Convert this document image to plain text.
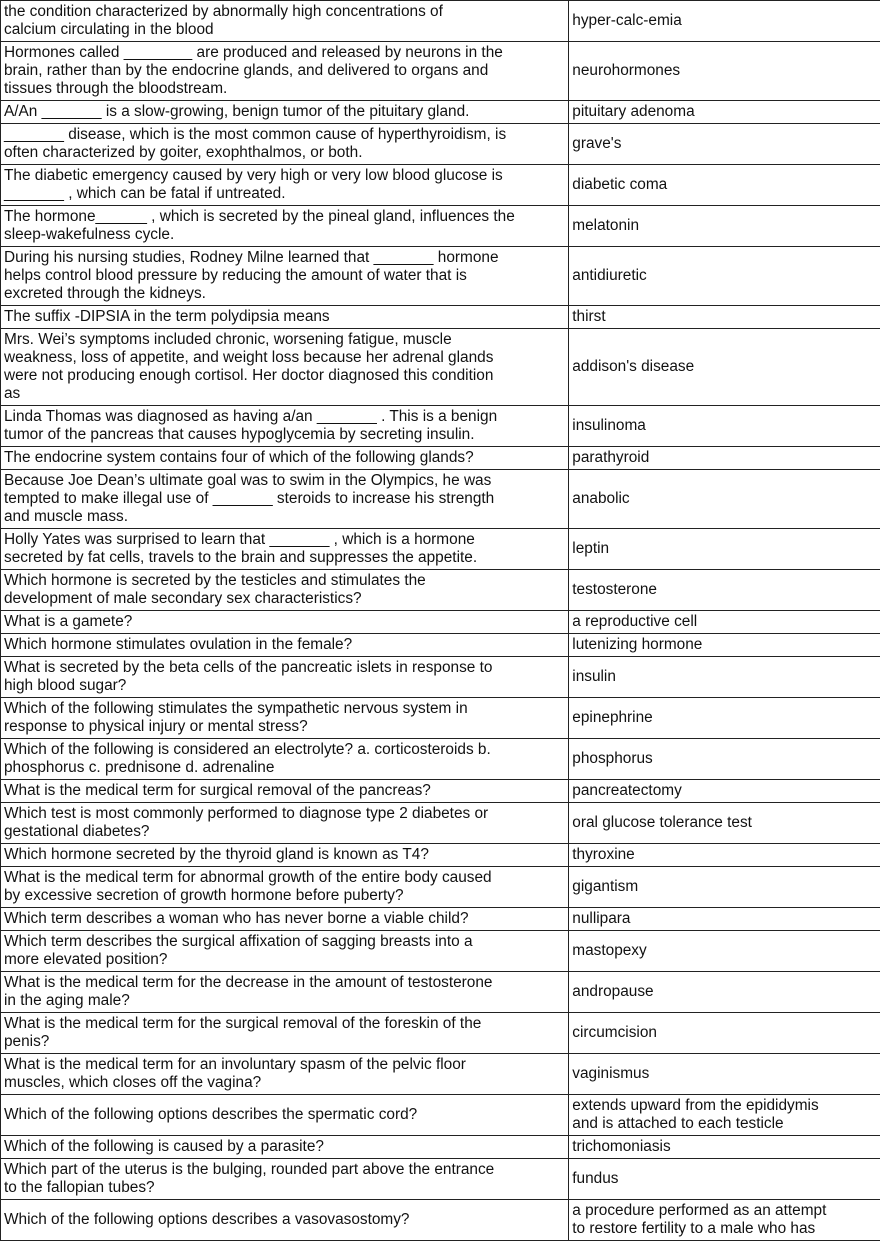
the condition characterized by abnormally high concentrations of
calcium circulating in the blood	hyper-calc-emia
Hormones called ________ are produced and released by neurons in the
brain, rather than by the endocrine glands, and delivered to organs and
tissues through the bloodstream.	neurohormones
A/An _______ is a slow-growing, benign tumor of the pituitary gland.	pituitary adenoma
_______ disease, which is the most common cause of hyperthyroidism, is
often characterized by goiter, exophthalmos, or both.	grave's
The diabetic emergency caused by very high or very low blood glucose is
_______ , which can be fatal if untreated.	diabetic coma
The hormone______ , which is secreted by the pineal gland, influences the
sleep-wakefulness cycle.	melatonin
During his nursing studies, Rodney Milne learned that _______ hormone
helps control blood pressure by reducing the amount of water that is
excreted through the kidneys.	antidiuretic
The suffix -DIPSIA in the term polydipsia means	thirst
Mrs. Wei’s symptoms included chronic, worsening fatigue, muscle
weakness, loss of appetite, and weight loss because her adrenal glands
were not producing enough cortisol. Her doctor diagnosed this condition
as	addison's disease
Linda Thomas was diagnosed as having a/an _______ . This is a benign
tumor of the pancreas that causes hypoglycemia by secreting insulin.	insulinoma
The endocrine system contains four of which of the following glands?	parathyroid
Because Joe Dean’s ultimate goal was to swim in the Olympics, he was
tempted to make illegal use of _______ steroids to increase his strength
and muscle mass.	anabolic
Holly Yates was surprised to learn that _______ , which is a hormone
secreted by fat cells, travels to the brain and suppresses the appetite.	leptin
Which hormone is secreted by the testicles and stimulates the
development of male secondary sex characteristics?	testosterone
What is a gamete?	a reproductive cell
Which hormone stimulates ovulation in the female?	lutenizing hormone
What is secreted by the beta cells of the pancreatic islets in response to
high blood sugar?	insulin
Which of the following stimulates the sympathetic nervous system in
response to physical injury or mental stress?	epinephrine
Which of the following is considered an electrolyte? a. corticosteroids b.
phosphorus c. prednisone d. adrenaline	phosphorus
What is the medical term for surgical removal of the pancreas?	pancreatectomy
Which test is most commonly performed to diagnose type 2 diabetes or
gestational diabetes?	oral glucose tolerance test
Which hormone secreted by the thyroid gland is known as T4?	thyroxine
What is the medical term for abnormal growth of the entire body caused
by excessive secretion of growth hormone before puberty?	gigantism
Which term describes a woman who has never borne a viable child?	nullipara
Which term describes the surgical affixation of sagging breasts into a
more elevated position?	mastopexy
What is the medical term for the decrease in the amount of testosterone
in the aging male?	andropause
What is the medical term for the surgical removal of the foreskin of the
penis?	circumcision
What is the medical term for an involuntary spasm of the pelvic floor
muscles, which closes off the vagina?	vaginismus
Which of the following options describes the spermatic cord?	extends upward from the epididymis
and is attached to each testicle
Which of the following is caused by a parasite?	trichomoniasis
Which part of the uterus is the bulging, rounded part above the entrance
to the fallopian tubes?	fundus
Which of the following options describes a vasovasostomy?	a procedure performed as an attempt
to restore fertility to a male who has
